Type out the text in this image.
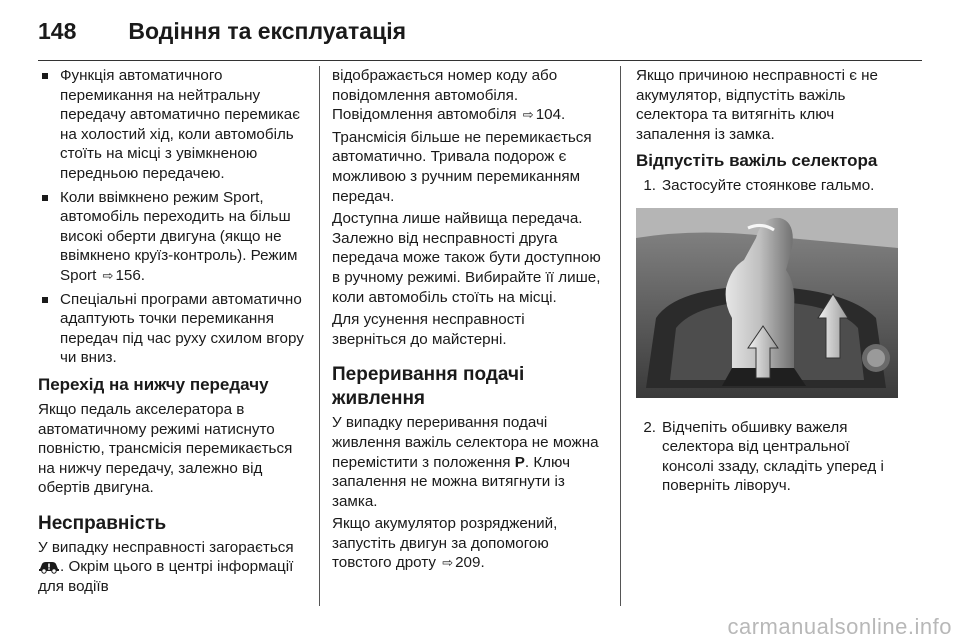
148 Водіння та експлуатація
Функція автоматичного перемикання на нейтральну передачу автоматично перемикає на холостий хід, коли автомобіль стоїть на місці з увімкненою передньою передачею.
Коли ввімкнено режим Sport, автомобіль переходить на більш високі оберти двигуна (якщо не ввімкнено круїз-контроль). Режим Sport ⇨ 156.
Спеціальні програми автоматично адаптують точки перемикання передач під час руху схилом вгору чи вниз.
Перехід на нижчу передачу

Якщо педаль акселератора в автоматичному режимі натиснуто повністю, трансмісія перемикається на нижчу передачу, залежно від обертів двигуна.

Несправність

У випадку несправності загорається . Окрім цього в центрі інформації для водіїв

відображається номер коду або повідомлення автомобіля. Повідомлення автомобіля ⇨ 104.

Трансмісія більше не перемикається автоматично. Тривала подорож є можливою з ручним перемиканням передач.

Доступна лише найвища передача. Залежно від несправності друга передача може також бути доступною в ручному режимі. Вибирайте її лише, коли автомобіль стоїть на місці.

Для усунення несправності зверніться до майстерні.

Переривання подачі
живлення

У випадку переривання подачі живлення важіль селектора не можна перемістити з положення P. Ключ запалення не можна витягнути із замка.

Якщо акумулятор розряджений, запустіть двигун за допомогою товстого дроту ⇨ 209.

Якщо причиною несправності є не акумулятор, відпустіть важіль селектора та витягніть ключ запалення із замка.

Відпустіть важіль селектора
1. Застосуйте стоянкове гальмо.
2. Відчепіть обшивку важеля селектора від центральної консолі ззаду, складіть уперед і поверніть ліворуч.
carmanualsonline.info
